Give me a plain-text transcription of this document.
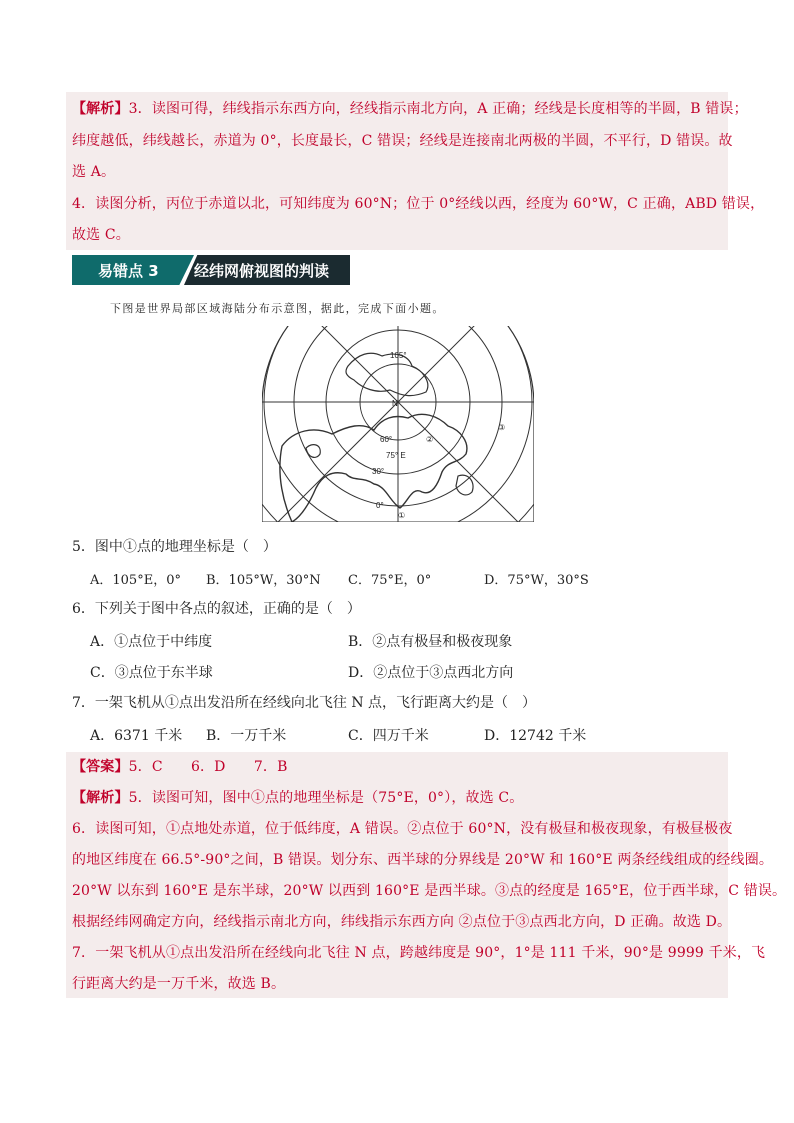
【解析】3．读图可得，纬线指示东西方向，经线指示南北方向，A 正确；经线是长度相等的半圆，B 错误；
纬度越低，纬线越长，赤道为 0°，长度最长，C 错误；经线是连接南北两极的半圆，不平行，D 错误。故
选 A。
4．读图分析，丙位于赤道以北，可知纬度为 60°N；位于 0°经线以西，经度为 60°W，C 正确，ABD 错误，
故选 C。
易错点 3 经纬网俯视图的判读
下图是世界局部区域海陆分布示意图，据此，完成下面小题。
105°
N
60°
75° E
30°
0°
①
②
③
5．图中①点的地理坐标是（　）
A．105°E，0° B．105°W，30°N C．75°E，0°	D．75°W，30°S
6．下列关于图中各点的叙述，正确的是（　）
A．①点位于中纬度	B．②点有极昼和极夜现象
C．③点位于东半球	D．②点位于③点西北方向
7．一架飞机从①点出发沿所在经线向北飞往 N 点，飞行距离大约是（　）
A．6371 千米 B．一万千米	C．四万千米	D．12742 千米
【答案】5．C　　6．D　　7．B
【解析】5．读图可知，图中①点的地理坐标是（75°E，0°），故选 C。
6．读图可知，①点地处赤道，位于低纬度，A 错误。②点位于 60°N，没有极昼和极夜现象，有极昼极夜
的地区纬度在 66.5°-90°之间，B 错误。划分东、西半球的分界线是 20°W 和 160°E 两条经线组成的经线圈。
20°W 以东到 160°E 是东半球，20°W 以西到 160°E 是西半球。③点的经度是 165°E，位于西半球，C 错误。
根据经纬网确定方向，经线指示南北方向，纬线指示东西方向 ②点位于③点西北方向，D 正确。故选 D。
7．一架飞机从①点出发沿所在经线向北飞往 N 点，跨越纬度是 90°，1°是 111 千米，90°是 9999 千米，飞
行距离大约是一万千米，故选 B。
